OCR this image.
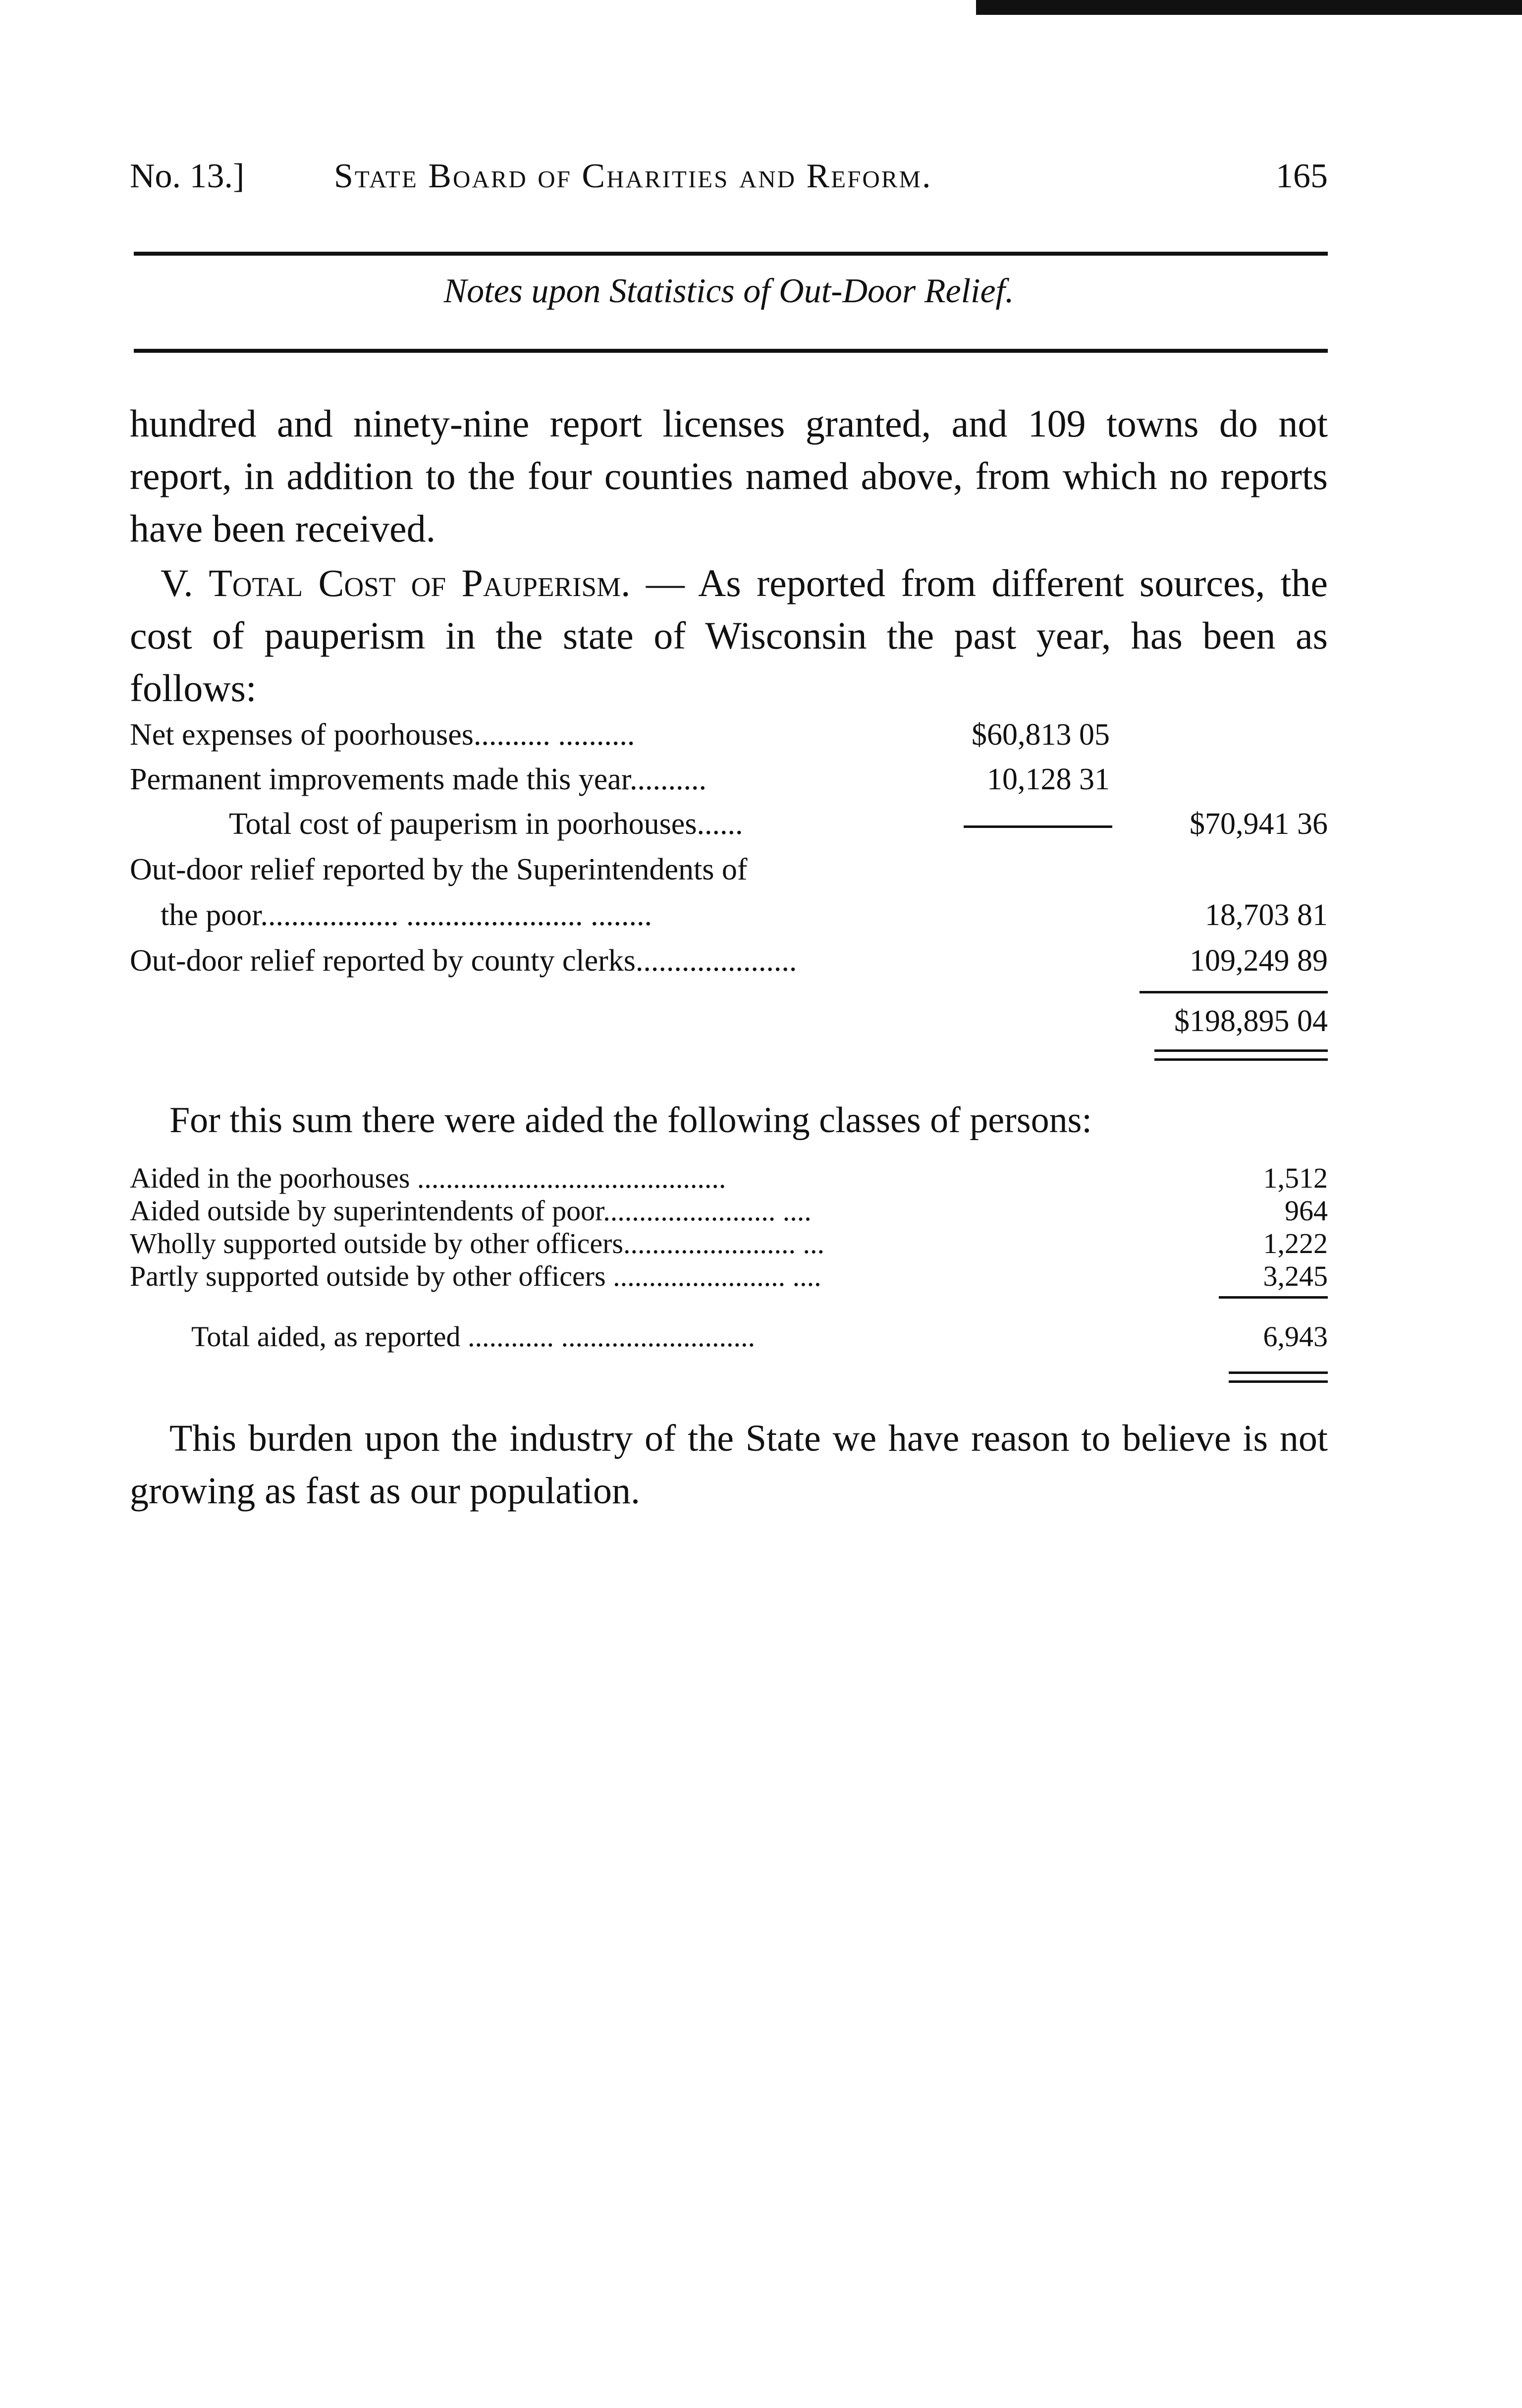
No. 13.]	State Board of Charities and Reform.	165
Notes upon Statistics of Out-Door Relief.
hundred and ninety-nine report licenses granted, and 109 towns do not report, in addition to the four counties named above, from which no reports have been received.
V. Total Cost of Pauperism. — As reported from different sources, the cost of pauperism in the state of Wisconsin the past year, has been as follows:
Net expenses of poorhouses.......... ..........	$60,813 05
Permanent improvements made this year..........	10,128 31
Total cost of pauperism in poorhouses......	$70,941 36
Out-door relief reported by the Superintendents of
the poor.................. ....................... ........	18,703 81
Out-door relief reported by county clerks.....................	109,249 89
$198,895 04
For this sum there were aided the following classes of persons:
Aided in the poorhouses ...........................................	1,512
Aided outside by superintendents of poor........................ ....	964
Wholly supported outside by other officers........................ ...	1,222
Partly supported outside by other officers ........................ ....	3,245
Total aided, as reported ............ ...........................	6,943
This burden upon the industry of the State we have reason to believe is not growing as fast as our population.
